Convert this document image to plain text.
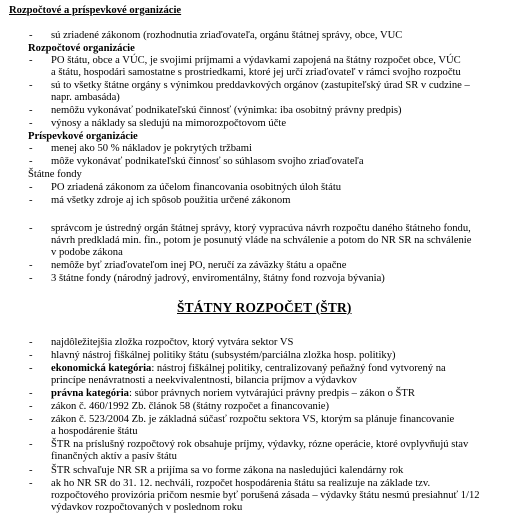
Rozpočtové a príspevkové organizácie
- sú zriadené zákonom (rozhodnutia zriaďovateľa, orgánu štátnej správy, obce, VUC
Rozpočtové organizácie
- PO štátu, obce a VÚC, je svojimi príjmami a výdavkami zapojená na štátny rozpočet obce, VÚC
a štátu, hospodári samostatne s prostriedkami, ktoré jej určí zriaďovateľ v rámci svojho rozpočtu
- sú to všetky štátne orgány s výnimkou preddavkových orgánov (zastupiteľský úrad SR v cudzine –
napr. ambasáda)
- nemôžu vykonávať podnikateľskú činnosť (výnimka: iba osobitný právny predpis)
- výnosy a náklady sa sledujú na mimorozpočtovom účte
Príspevkové organizácie
- menej ako 50 % nákladov je pokrytých tržbami
- môže vykonávať podnikateľskú činnosť so súhlasom svojho zriaďovateľa
Štátne fondy
- PO zriadená zákonom za účelom financovania osobitných úloh štátu
- má všetky zdroje aj ich spôsob použitia určené zákonom
- správcom je ústredný orgán štátnej správy, ktorý vypracúva návrh rozpočtu daného štátneho fondu,
návrh predkladá min. fin., potom je posunutý vláde na schválenie a potom do NR SR na schválenie
v podobe zákona
- nemôže byť zriaďovateľom inej PO, neručí za záväzky štátu a opačne
- 3 štátne fondy (národný jadrový, enviromentálny, štátny fond rozvoja bývania)
ŠTÁTNY ROZPOČET (ŠTR)
- najdôležitejšia zložka rozpočtov, ktorý vytvára sektor VS
- hlavný nástroj fiškálnej politiky štátu (subsystém/parciálna zložka hosp. politiky)
- ekonomická kategória: nástroj fiškálnej politiky, centralizovaný peňažný fond vytvorený na
princípe nenávratnosti a neekvivalentnosti, bilancia príjmov a výdavkov
- právna kategória: súbor právnych noriem vytvárajúci právny predpis – zákon o ŠTR
- zákon č. 460/1992 Zb. článok 58 (štátny rozpočet a financovanie)
- zákon č. 523/2004 Zb. je základná súčasť rozpočtu sektora VS, ktorým sa plánuje financovanie
a hospodárenie štátu
- ŠTR na príslušný rozpočtový rok obsahuje príjmy, výdavky, rózne operácie, ktoré ovplyvňujú stav
finančných aktív a pasív štátu
- ŠTR schvaľuje NR SR a prijíma sa vo forme zákona na nasledujúci kalendárny rok
- ak ho NR SR do 31. 12. nechváli, rozpočet hospodárenia štátu sa realizuje na základe tzv.
rozpočtového provizória pričom nesmie byť porušená zásada – výdavky štátu nesmú presiahnuť 1/12
výdavkov rozpočtovaných v poslednom roku
